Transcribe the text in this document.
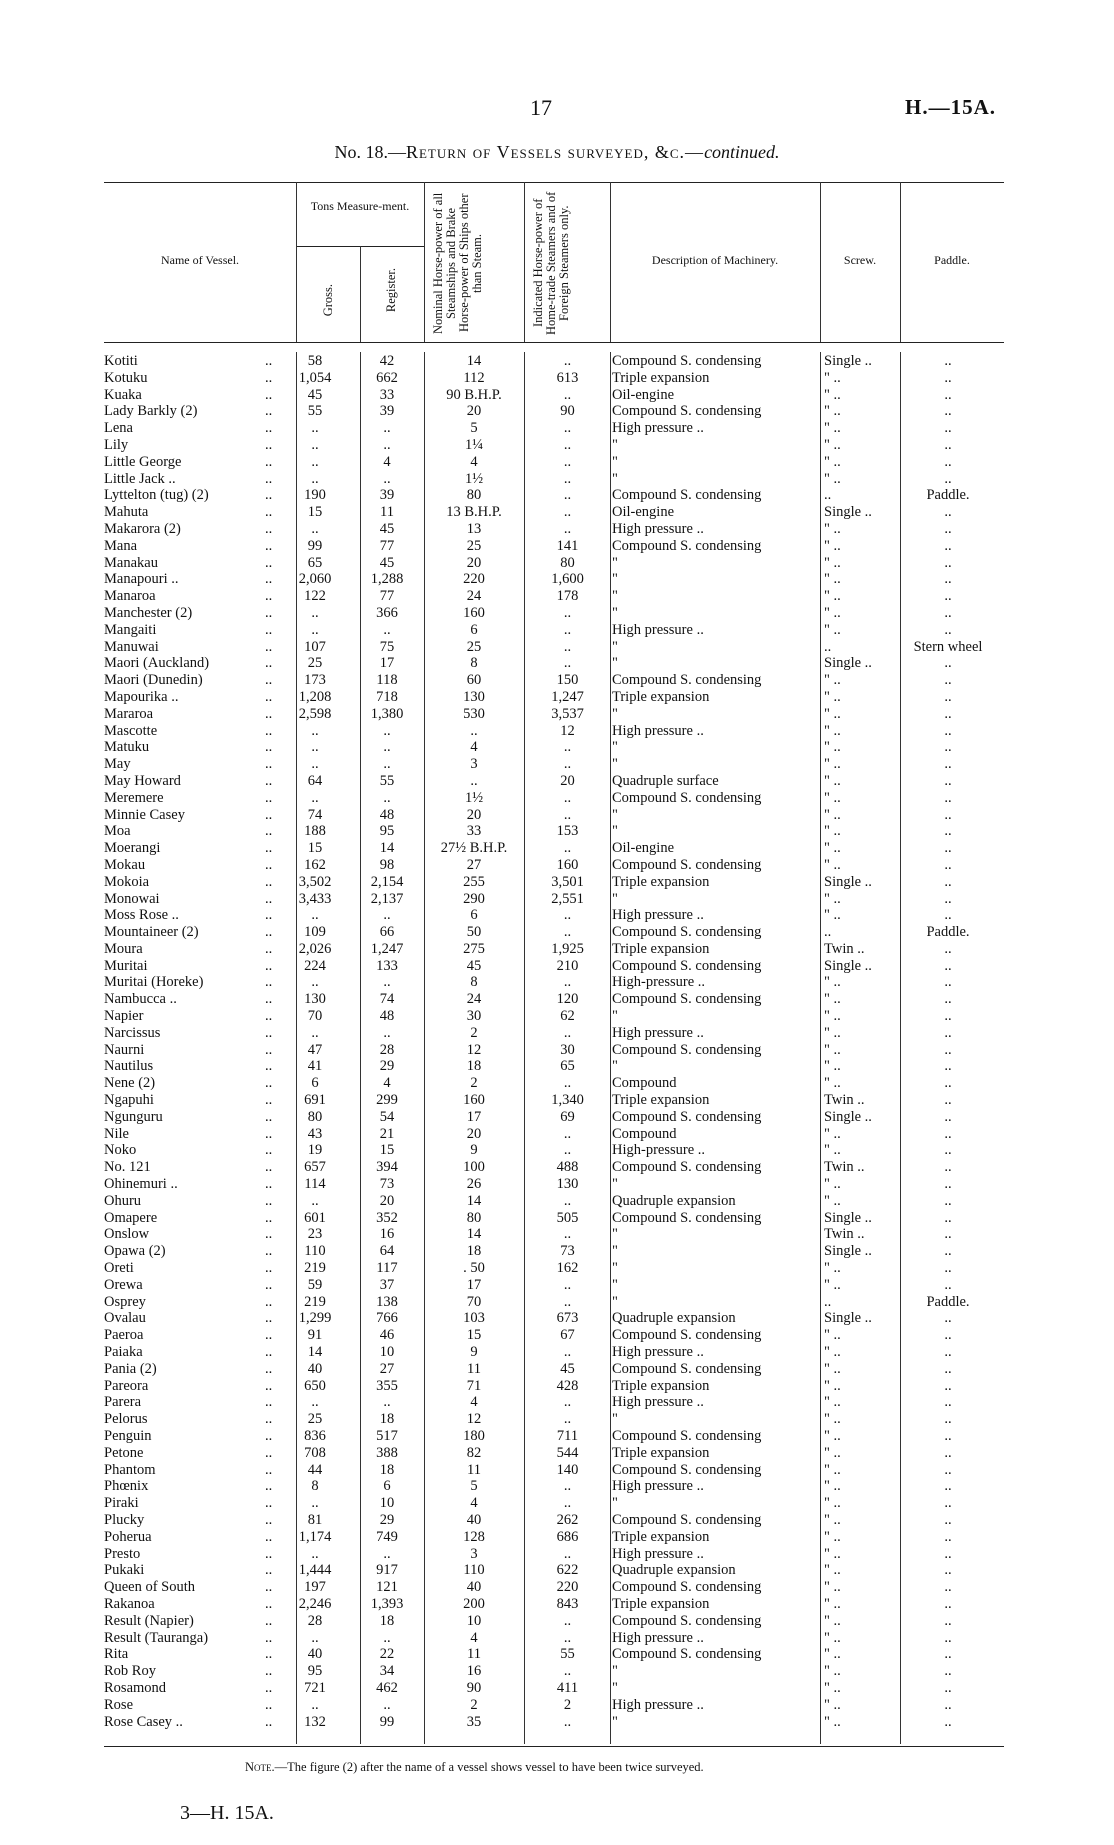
17	H.—15A.
No. 18.—Return of Vessels surveyed, &c.—continued.
Name of Vessel.
Tons Measure-ment.
Gross.	Register.	Nominal Horse-power of all Steamships and Brake Horse-power of Ships other than Steam.	Indicated Horse-power of Home-trade Steamers and of Foreign Steamers only.	Description of Machinery.	Screw.	Paddle.
Kotiti	..	58	42	14	..	Compound S. condensing	Single ..	..
Kotuku	..	1,054	662	112	613	Triple expansion	" ..	..
Kuaka	..	45	33	90 B.H.P.	..	Oil-engine	" ..	..
Lady Barkly (2)	..	55	39	20	90	Compound S. condensing	" ..	..
Lena	..	..	..	5	..	High pressure ..	" ..	..
Lily	..	..	..	1¼	..	"	" ..	..
Little George	..	..	4	4	..	"	" ..	..
Little Jack ..	..	..	..	1½	..	"	" ..	..
Lyttelton (tug) (2)	..	190	39	80	..	Compound S. condensing	..	Paddle.
Mahuta	..	15	11	13 B.H.P.	..	Oil-engine	Single ..	..
Makarora (2)	..	..	45	13	..	High pressure ..	" ..	..
Mana	..	99	77	25	141	Compound S. condensing	" ..	..
Manakau	..	65	45	20	80	"	" ..	..
Manapouri ..	..	2,060	1,288	220	1,600	"	" ..	..
Manaroa	..	122	77	24	178	"	" ..	..
Manchester (2)	..	..	366	160	..	"	" ..	..
Mangaiti	..	..	..	6	..	High pressure ..	" ..	..
Manuwai	..	107	75	25	..	"	..	Stern wheel
Maori (Auckland)	..	25	17	8	..	"	Single ..	..
Maori (Dunedin)	..	173	118	60	150	Compound S. condensing	" ..	..
Mapourika ..	..	1,208	718	130	1,247	Triple expansion	" ..	..
Mararoa	..	2,598	1,380	530	3,537	"	" ..	..
Mascotte	..	..	..	..	12	High pressure ..	" ..	..
Matuku	..	..	..	4	..	"	" ..	..
May	..	..	..	3	..	"	" ..	..
May Howard	..	64	55	..	20	Quadruple surface	" ..	..
Meremere	..	..	..	1½	..	Compound S. condensing	" ..	..
Minnie Casey	..	74	48	20	..	"	" ..	..
Moa	..	188	95	33	153	"	" ..	..
Moerangi	..	15	14	27½ B.H.P.	..	Oil-engine	" ..	..
Mokau	..	162	98	27	160	Compound S. condensing	" ..	..
Mokoia	..	3,502	2,154	255	3,501	Triple expansion	Single ..	..
Monowai	..	3,433	2,137	290	2,551	"	" ..	..
Moss Rose ..	..	..	..	6	..	High pressure ..	" ..	..
Mountaineer (2)	..	109	66	50	..	Compound S. condensing	..	Paddle.
Moura	..	2,026	1,247	275	1,925	Triple expansion	Twin ..	..
Muritai	..	224	133	45	210	Compound S. condensing	Single ..	..
Muritai (Horeke)	..	..	..	8	..	High-pressure ..	" ..	..
Nambucca ..	..	130	74	24	120	Compound S. condensing	" ..	..
Napier	..	70	48	30	62	"	" ..	..
Narcissus	..	..	..	2	..	High pressure ..	" ..	..
Naurni	..	47	28	12	30	Compound S. condensing	" ..	..
Nautilus	..	41	29	18	65	"	" ..	..
Nene (2)	..	6	4	2	..	Compound	" ..	..
Ngapuhi	..	691	299	160	1,340	Triple expansion	Twin ..	..
Ngunguru	..	80	54	17	69	Compound S. condensing	Single ..	..
Nile	..	43	21	20	..	Compound	" ..	..
Noko	..	19	15	9	..	High-pressure ..	" ..	..
No. 121	..	657	394	100	488	Compound S. condensing	Twin ..	..
Ohinemuri ..	..	114	73	26	130	"	" ..	..
Ohuru	..	..	20	14	..	Quadruple expansion	" ..	..
Omapere	..	601	352	80	505	Compound S. condensing	Single ..	..
Onslow	..	23	16	14	..	"	Twin ..	..
Opawa (2)	..	110	64	18	73	"	Single ..	..
Oreti	..	219	117	. 50	162	"	" ..	..
Orewa	..	59	37	17	..	"	" ..	..
Osprey	..	219	138	70	..	"	..	Paddle.
Ovalau	..	1,299	766	103	673	Quadruple expansion	Single ..	..
Paeroa	..	91	46	15	67	Compound S. condensing	" ..	..
Paiaka	..	14	10	9	..	High pressure ..	" ..	..
Pania (2)	..	40	27	11	45	Compound S. condensing	" ..	..
Pareora	..	650	355	71	428	Triple expansion	" ..	..
Parera	..	..	..	4	..	High pressure ..	" ..	..
Pelorus	..	25	18	12	..	"	" ..	..
Penguin	..	836	517	180	711	Compound S. condensing	" ..	..
Petone	..	708	388	82	544	Triple expansion	" ..	..
Phantom	..	44	18	11	140	Compound S. condensing	" ..	..
Phœnix	..	8	6	5	..	High pressure ..	" ..	..
Piraki	..	..	10	4	..	"	" ..	..
Plucky	..	81	29	40	262	Compound S. condensing	" ..	..
Poherua	..	1,174	749	128	686	Triple expansion	" ..	..
Presto	..	..	..	3	..	High pressure ..	" ..	..
Pukaki	..	1,444	917	110	622	Quadruple expansion	" ..	..
Queen of South	..	197	121	40	220	Compound S. condensing	" ..	..
Rakanoa	..	2,246	1,393	200	843	Triple expansion	" ..	..
Result (Napier)	..	28	18	10	..	Compound S. condensing	" ..	..
Result (Tauranga)	..	..	..	4	..	High pressure ..	" ..	..
Rita	..	40	22	11	55	Compound S. condensing	" ..	..
Rob Roy	..	95	34	16	..	"	" ..	..
Rosamond	..	721	462	90	411	"	" ..	..
Rose	..	..	..	2	2	High pressure ..	" ..	..
Rose Casey ..	..	132	99	35	..	"	" ..	..
Note.—The figure (2) after the name of a vessel shows vessel to have been twice surveyed.
3—H. 15A.
